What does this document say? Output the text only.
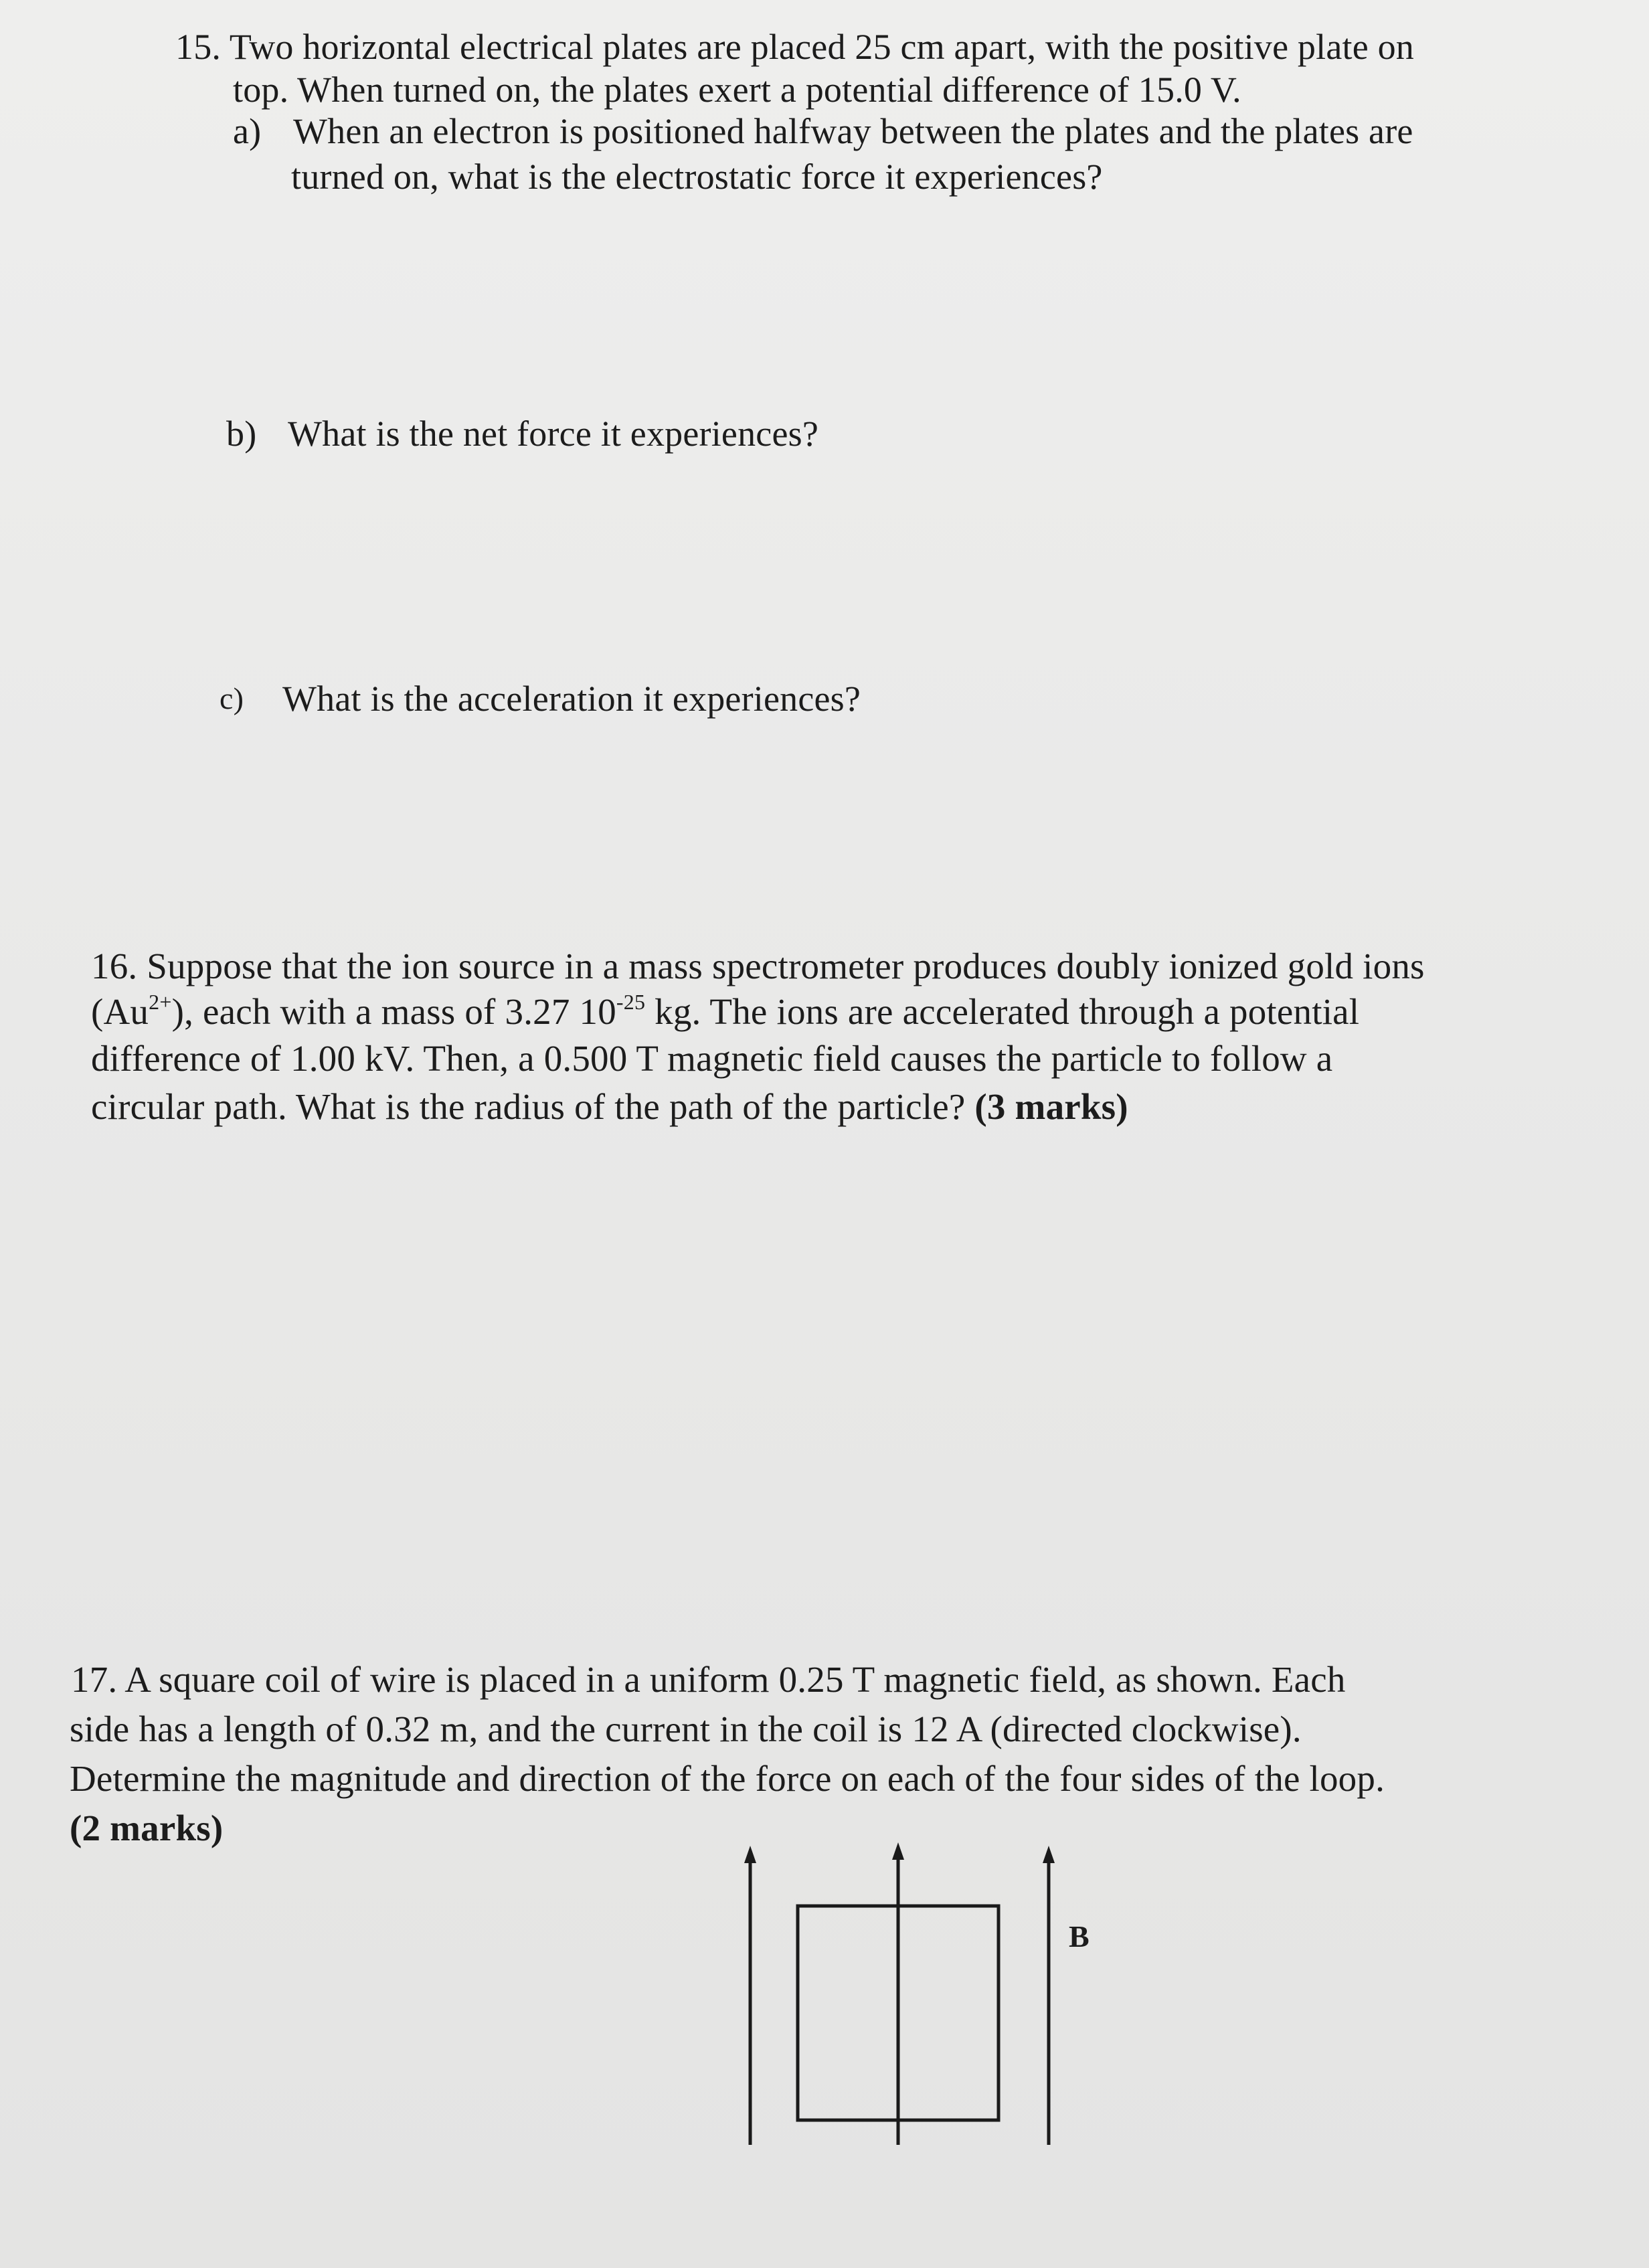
15. Two horizontal electrical plates are placed 25 cm apart, with the positive plate on
top. When turned on, the plates exert a potential difference of 15.0 V.
a) When an electron is positioned halfway between the plates and the plates are
turned on, what is the electrostatic force it experiences?
b) What is the net force it experiences?
c) What is the acceleration it experiences?
16. Suppose that the ion source in a mass spectrometer produces doubly ionized gold ions
$(Au^{2+})$, each with a mass of 3.27 $10^{-25}$ kg. The ions are accelerated through a potential
difference of 1.00 kV. Then, a 0.500 T magnetic field causes the particle to follow a
circular path. What is the radius of the path of the particle? (3 marks)
17. A square coil of wire is placed in a uniform 0.25 T magnetic field, as shown. Each
side has a length of 0.32 m, and the current in the coil is 12 A (directed clockwise).
Determine the magnitude and direction of the force on each of the four sides of the loop.
(2 marks)
B
